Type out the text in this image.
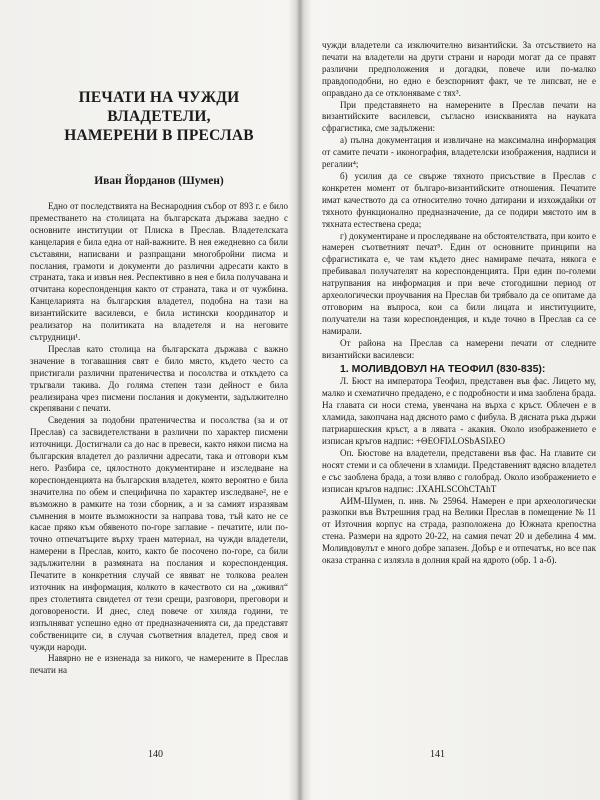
ПЕЧАТИ НА ЧУЖДИ ВЛАДЕТЕЛИ,
НАМЕРЕНИ В ПРЕСЛАВ
Иван Йорданов (Шумен)

Едно от последствията на Веснародния събор от 893 г. е било преместването на столицата на българската държава заедно с основните институции от Плиска в Преслав. Владетелската канцелария е била една от най-важните. В нея ежедневно са били съставяни, написвани и разпращани многобройни писма и послания, грамоти и документи до различни адресати както в страната, така и извън нея. Респективно в нея е била получавана и отчитана кореспонденция както от страната, така и от чужбина. Канцеларията на българския владетел, подобна на тази на византийските василевси, е била истински координатор и реализатор на политиката на владетеля и на неговите сътрудници¹.

Преслав като столица на българската държава с важно значение в тогавашния свят е било място, където често са пристигали различни пратеничества и посолства и откъдето са тръгвали такива. До голяма степен тази дейност е била реализирана чрез писмени послания и документи, задължително скрепявани с печати.

Сведения за подобни пратеничества и посолства (за и от Преслав) са засвидетелствани в различни по характер писмени източници. Достигнали са до нас в превеси, както някои писма на българския владетел до различни адресати, така и отговори към него. Разбира се, цялостното документиране и изследване на кореспонденцията на българския владетел, която вероятно е била значителна по обем и специфична по характер изследване², не е възможно в рамките на този сборник, а и за самият изразявам съмнения в моите възможности за направа това, тъй като не се касае пряко към обявеното по-горе заглавие - печатите, или по-точно отпечатъците върху траен материал, на чужди владетели, намерени в Преслав, които, както бе посочено по-горе, са били задължителни в размяната на послания и кореспонденция. Печатите в конкретния случай се явяват не толкова реален източник на информация, колкото в качеството си на „оживял“ през столетията свидетел от тези срещи, разговори, преговори и договорености. И днес, след повече от хиляда години, те изпълняват успешно едно от предназначенията си, да представят собствениците си, в случая съответния владетел, пред своя и чужди народи.

Навярно не е изненада за никого, че намерените в Преслав печати на

140

чужди владетели са изключително византийски. За отсъствието на печати на владетели на други страни и народи могат да се правят различни предположения и догадки, повече или по-малко правдоподобни, но едно е безспорният факт, че те липсват, не е оправдано да се отклоняваме с тях³.

При представянето на намерените в Преслав печати на византийските василевси, съгласно изискванията на науката сфрагистика, сме задължени:

а) пълна документация и извличане на максимална информация от самите печати - иконография, владетелски изображения, надписи и регалии⁴;

б) усилия да се свърже тяхното присъствие в Преслав с конкретен момент от българо-византийските отношения. Печатите имат качеството да са относително точно датирани и изхождайки от тяхното функционално предназначение, да се подири мястото им в тяхната естествена среда;

г) документиране и проследяване на обстоятелствата, при които е намерен съответният печат⁵. Един от основните принципи на сфрагистиката е, че там където днес намираме печата, някога е пребивавал получателят на кореспонденцията. При един по-големи натрупвания на информация и при вече стогодишни период от археологически проучвания на Преслав би трябвало да се опитаме да отговорим на въпроса, кои са били лицата и институциите, получатели на тази кореспонденция, и къде точно в Преслав са се намирали.

От района на Преслав са намерени печати от следните византийски василевси:

1. МОЛИВДОВУЛ НА ТЕОФИЛ (830-835):

Л. Бюст на императора Теофил, представен във фас. Лицето му, малко и схематично предадено, е с подробности и има заоблена брада. На главата си носи стема, увенчана на върха с кръст. Облечен е в хламида, закопчана над дясното рамо с фибула. В дясната ръка държи патриаршеския кръст, а в лявата - акакия. Около изображението е изписан кръгов надпис: +ΘΕΟFIλLOSbASIλΕΟ

Оп. Бюстове на владетели, представени във фас. На главите си носят стеми и са облечени в хламиди. Представеният вдясно владетел е със заоблена брада, а този вляво с голобрад. Около изображението е изписан кръгов надпис: .IXAHLSCOhCTAhT

АИМ-Шумен, п. инв. № 25964. Намерен е при археологически разкопки във Вътрешния град на Велики Преслав в помещение № 11 от Източния корпус на страда, разположена до Южната крепостна стена. Размери на ядрото 20-22, на самия печат 20 и дебелина 4 мм. Моливдовулът е много добре запазен. Добър е и отпечатък, но все пак оказа странна с излязла в долния край на ядрото (обр. 1 а-б).

141
